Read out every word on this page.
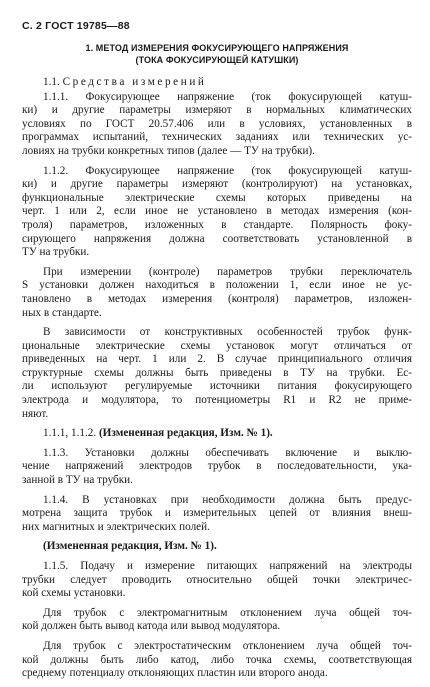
С. 2 ГОСТ 19785—88
1. МЕТОД ИЗМЕРЕНИЯ ФОКУСИРУЮЩЕГО НАПРЯЖЕНИЯ
(ТОКА ФОКУСИРУЮЩЕЙ КАТУШКИ)
1.1. Средства измерений
1.1.1. Фокусирующее напряжение (ток фокусирующей катуш-
ки) и другие параметры измеряют в нормальных климатических
условиях по ГОСТ 20.57.406 или в условиях, установленных в
программах испытаний, технических заданиях или технических ус-
ловиях на трубки конкретных типов (далее — ТУ на трубки).
1.1.2. Фокусирующее напряжение (ток фокусирующей катуш-
ки) и другие параметры измеряют (контролируют) на установках,
функциональные электрические схемы которых приведены на
черт. 1 или 2, если иное не установлено в методах измерения (кон-
троля) параметров, изложенных в стандарте. Полярность фоку-
сирующего напряжения должна соответствовать установленной в
ТУ на трубки.
При измерении (контроле) параметров трубки переключатель
S установки должен находиться в положении 1, если иное не ус-
тановлено в методах измерения (контроля) параметров, изложен-
ных в стандарте.
В зависимости от конструктивных особенностей трубок функ-
циональные электрические схемы установок могут отличаться от
приведенных на черт. 1 или 2. В случае принципиального отличия
структурные схемы должны быть приведены в ТУ на трубки. Ес-
ли используют регулируемые источники питания фокусирующего
электрода и модулятора, то потенциометры R1 и R2 не приме-
няют.
1.1.1, 1.1.2. (Измененная редакция, Изм. № 1).
1.1.3. Установки должны обеспечивать включение и выклю-
чение напряжений электродов трубок в последовательности, ука-
занной в ТУ на трубки.
1.1.4. В установках при необходимости должна быть предус-
мотрена защита трубок и измерительных цепей от влияния внеш-
них магнитных и электрических полей.
(Измененная редакция, Изм. № 1).
1.1.5. Подачу и измерение питающих напряжений на электроды
трубки следует проводить относительно общей точки электричес-
кой схемы установки.
Для трубок с электромагнитным отклонением луча общей точ-
кой должен быть вывод катода или вывод модулятора.
Для трубок с электростатическим отклонением луча общей точ-
кой должны быть либо катод, либо точка схемы, соответствующая
среднему потенциалу отклоняющих пластин или второго анода.
